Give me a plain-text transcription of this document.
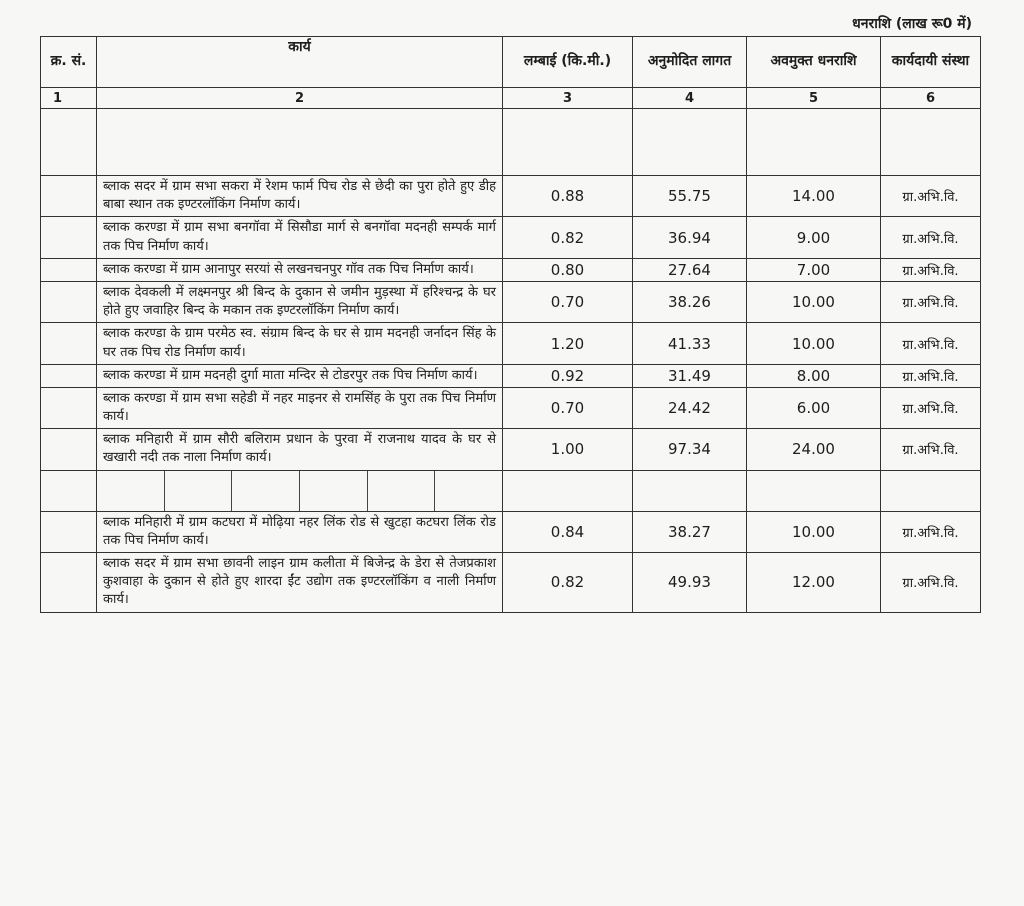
धनराशि (लाख रू0 में)
क्र. सं.	कार्य	लम्बाई (कि.मी.)	अनुमोदित लागत	अवमुक्त धनराशि	कार्यदायी संस्था
1	2	3	4	5	6

	ब्लाक सदर में ग्राम सभा सकरा में रेशम फार्म पिच रोड से छेदी का पुरा होते हुए डीह बाबा स्थान तक इण्टरलॉकिंग निर्माण कार्य।	0.88	55.75	14.00	ग्रा.अभि.वि.
	ब्लाक करण्डा में ग्राम सभा बनगॉवा में सिसौडा मार्ग से बनगॉवा मदनही सम्पर्क मार्ग तक पिच निर्माण कार्य।	0.82	36.94	9.00	ग्रा.अभि.वि.
	ब्लाक करण्डा में ग्राम आनापुर सरयां से लखनचनपुर गॉव तक पिच निर्माण कार्य।	0.80	27.64	7.00	ग्रा.अभि.वि.
	ब्लाक देवकली में लक्ष्मनपुर श्री बिन्द के दुकान से जमीन मुड़स्था में हरिश्चन्द्र के घर होते हुए जवाहिर बिन्द के मकान तक इण्टरलॉकिंग निर्माण कार्य।	0.70	38.26	10.00	ग्रा.अभि.वि.
	ब्लाक करण्डा के ग्राम परमेठ स्व. संग्राम बिन्द के घर से ग्राम मदनही जर्नादन सिंह के घर तक पिच रोड निर्माण कार्य।	1.20	41.33	10.00	ग्रा.अभि.वि.
	ब्लाक करण्डा में ग्राम मदनही दुर्गा माता मन्दिर से टोडरपुर तक पिच निर्माण कार्य।	0.92	31.49	8.00	ग्रा.अभि.वि.
	ब्लाक करण्डा में ग्राम सभा सहेडी में नहर माइनर से रामसिंह के पुरा तक पिच निर्माण कार्य।	0.70	24.42	6.00	ग्रा.अभि.वि.
	ब्लाक मनिहारी में ग्राम सौरी बलिराम प्रधान के पुरवा में राजनाथ यादव के घर से खखारी नदी तक नाला निर्माण कार्य।	1.00	97.34	24.00	ग्रा.अभि.वि.

	ब्लाक मनिहारी में ग्राम कटघरा में मोढ़िया नहर लिंक रोड से खुटहा कटघरा लिंक रोड तक पिच निर्माण कार्य।	0.84	38.27	10.00	ग्रा.अभि.वि.
	ब्लाक सदर में ग्राम सभा छावनी लाइन ग्राम कलीता में बिजेन्द्र के डेरा से तेजप्रकाश कुशवाहा के दुकान से होते हुए शारदा ईंट उद्योग तक इण्टरलॉकिंग व नाली निर्माण कार्य।	0.82	49.93	12.00	ग्रा.अभि.वि.
